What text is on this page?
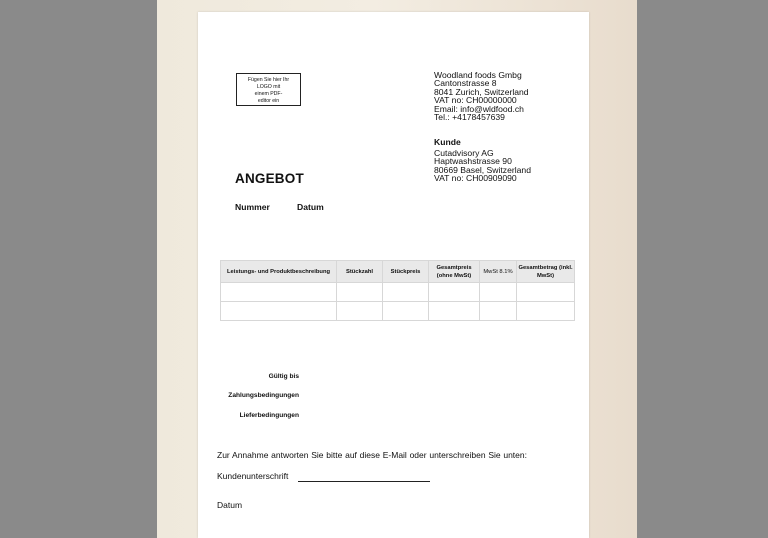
Fügen Sie hier Ihr
LOGO mit
einem PDF-
editor ein
Woodland foods Gmbg
Cantonstrasse 8
8041 Zurich, Switzerland
VAT no: CH00000000
Email: info@wldfood.ch
Tel.: +4178457639
Kunde
Cutadvisory AG
Haptwashstrasse 90
80669 Basel, Switzerland
VAT no: CH00909090
ANGEBOT
Nummer	Datum
Leistungs- und Produktbeschreibung	Stückzahl	Stückpreis	Gesamtpreis (ohne MwSt)	MwSt 8.1%	Gesamtbetrag (inkl. MwSt)

Gültig bis
Zahlungsbedingungen
Lieferbedingungen
Zur Annahme antworten Sie bitte auf diese E-Mail oder unterschreiben Sie unten:
Kundenunterschrift
Datum
